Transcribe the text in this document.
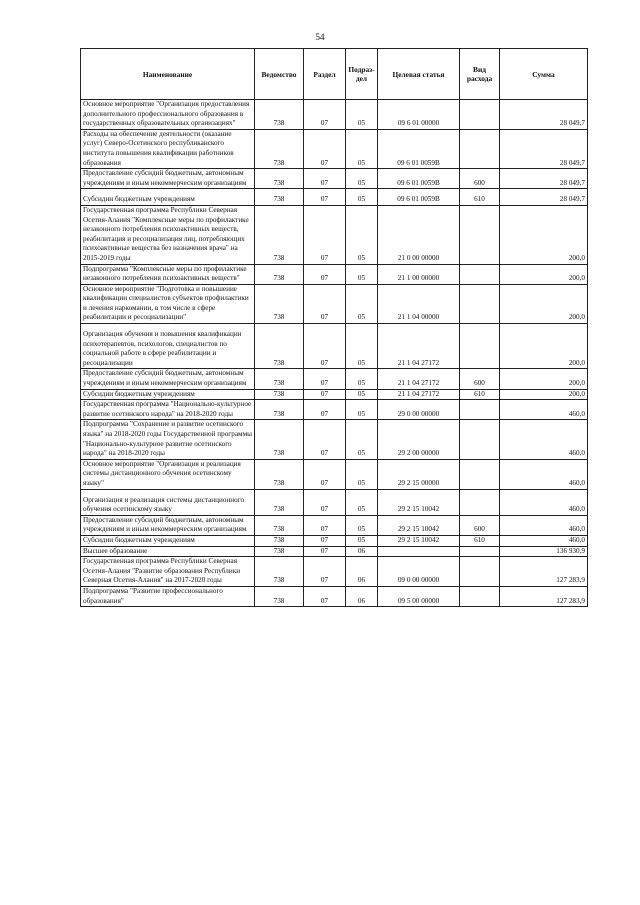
54
Наименование	Ведомство	Раздел	Подраз-дел	Целевая статья	Вид расхода	Сумма
Основное мероприятие "Организация предоставления дополнительного профессионального образования в государственных образовательных организациях"	738	07	05	09 6 01 00000		28 049,7
Расходы на обеспечение деятельности (оказание услуг) Северо-Осетинского республиканского института повышения квалификации работников образования	738	07	05	09 6 01 0059В		28 049,7
Предоставление субсидий бюджетным, автономным учреждениям и иным некоммерческим организациям	738	07	05	09 6 01 0059В	600	28 049,7
Субсидии бюджетным учреждениям	738	07	05	09 6 01 0059В	610	28 049,7
Государственная программа Республики Северная Осетия-Алания "Комплексные меры по профилактике незаконного потребления психоактивных веществ, реабилитация и ресоциализация лиц, потребляющих психоактивные вещества без назначения врача" на 2015-2019 годы	738	07	05	21 0 00 00000		200,0
Подпрограмма "Комплексные меры по профилактике незаконного потребления психоактивных веществ"	738	07	05	21 1 00 00000		200,0
Основное мероприятие "Подготовка и повышение квалификации специалистов субъектов профилактики и лечения наркомании, в том числе в сфере реабилитации и ресоциализации"	738	07	05	21 1 04 00000		200,0
Организация обучения и повышения квалификации психотерапевтов, психологов, специалистов по социальной работе в сфере реабилитации и ресоциализации	738	07	05	21 1 04 27172		200,0
Предоставление субсидий бюджетным, автономным учреждениям и иным некоммерческим организациям	738	07	05	21 1 04 27172	600	200,0
Субсидии бюджетным учреждениям	738	07	05	21 1 04 27172	610	200,0
Государственная программа "Национально-культурное развитие осетинского народа" на 2018-2020 годы	738	07	05	29 0 00 00000		460,0
Подпрограмма "Сохранение и развитие осетинского языка" на 2018-2020 годы Государственной программы "Национально-культурное развитие осетинского народа" на 2018-2020 годы	738	07	05	29 2 00 00000		460,0
Основное мероприятие "Организация и реализация системы дистанционного обучения осетинскому языку"	738	07	05	29 2 15 00000		460,0
Организация и реализация системы дистанционного обучения осетинскому языку	738	07	05	29 2 15 10042		460,0
Предоставление субсидий бюджетным, автономным учреждениям и иным некоммерческим организациям	738	07	05	29 2 15 10042	600	460,0
Субсидии бюджетным учреждениям	738	07	05	29 2 15 10042	610	460,0
Высшее образование	738	07	06			136 930,9
Государственная программа Республики Северная Осетия-Алания "Развитие образования Республики Северная Осетия-Алания" на 2017-2020 годы	738	07	06	09 0 00 00000		127 283,9
Подпрограмма "Развитие профессионального образования"	738	07	06	09 5 00 00000		127 283,9
